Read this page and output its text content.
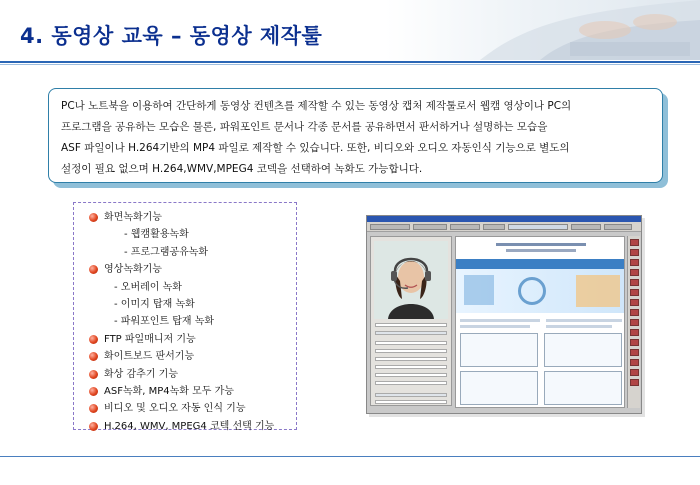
4. 동영상 교육 – 동영상 제작툴

PC나 노트북을 이용하여 간단하게 동영상 컨텐츠를 제작할 수 있는 동영상 캡처 제작툴로서 웹캠 영상이나 PC의

프로그램을 공유하는 모습은 물론, 파워포인트 문서나 각종 문서를 공유하면서 판서하거나 설명하는 모습을

ASF 파일이나 H.264기반의 MP4 파일로 제작할 수 있습니다. 또한, 비디오와 오디오 자동인식 기능으로 별도의

설정이 필요 없으며 H.264,WMV,MPEG4 코덱을 선택하여 녹화도 가능합니다.

화면녹화기능
- 웹캠활용녹화
- 프로그램공유녹화
영상녹화기능
- 오버레이 녹화
- 이미지 탑재 녹화
- 파워포인트 탑재 녹화
FTP 파일매니저 기능
화이트보드 판서기능
화상 감추기 기능
ASF녹화, MP4녹화 모두 가능
비디오 및 오디오 자동 인식 기능
H.264, WMV, MPEG4 코텍 선택 기능
